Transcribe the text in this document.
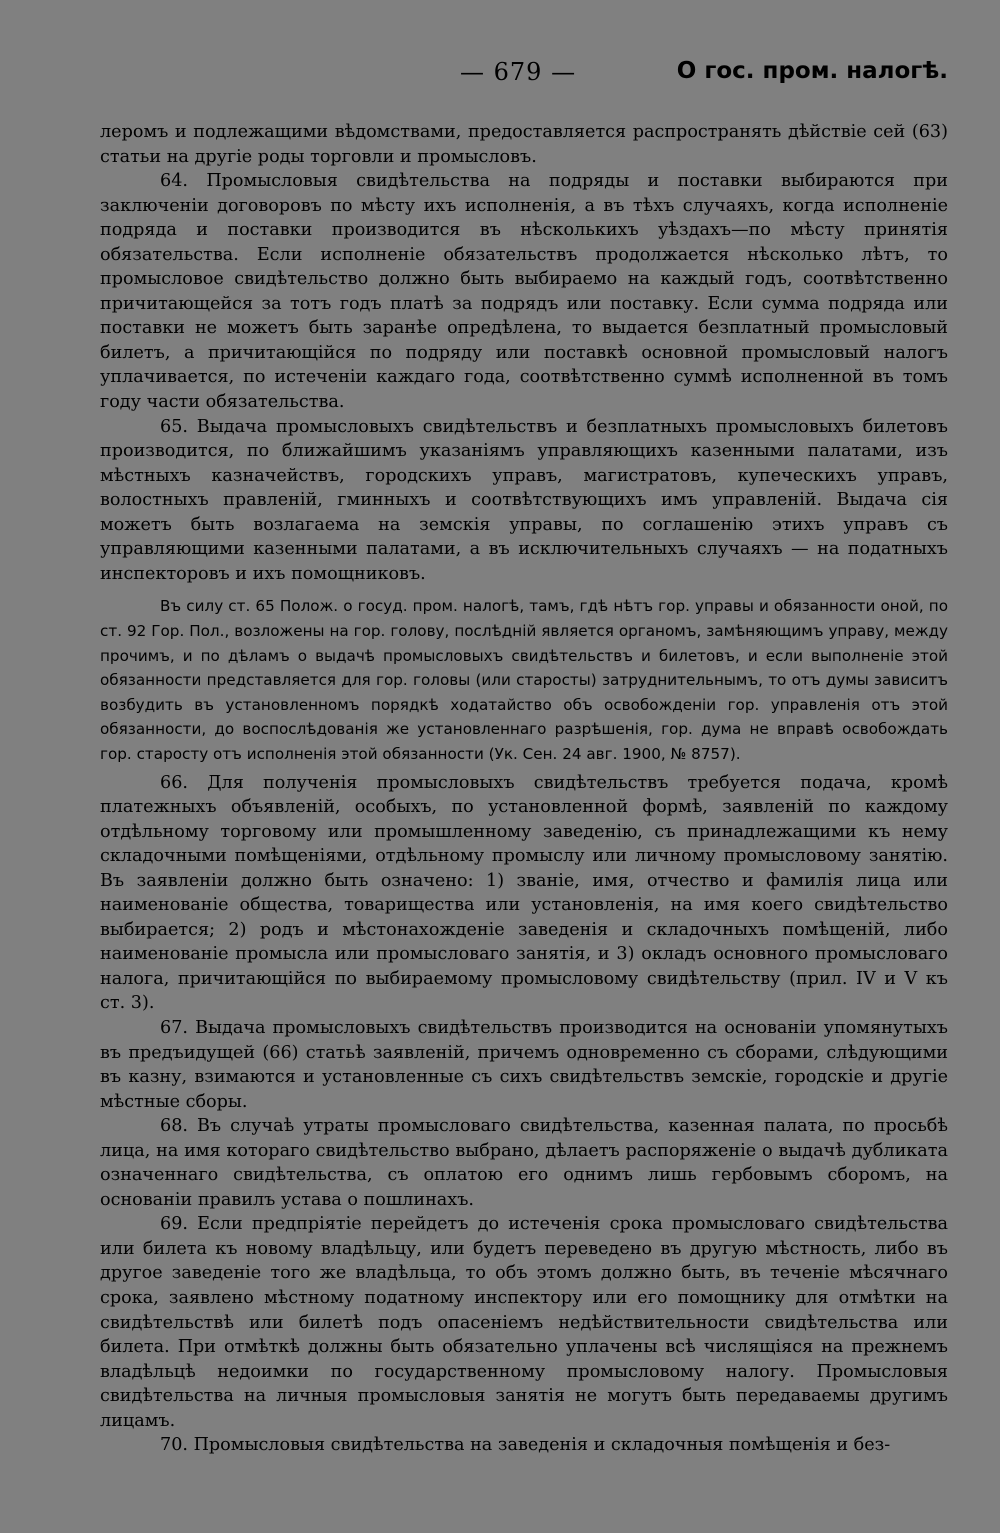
— 679 —	О гос. пром. налогѣ.

леромъ и подлежащими вѣдомствами, предоставляется распространять дѣйствіе сей (63) статьи на другіе роды торговли и промысловъ.

64. Промысловыя свидѣтельства на подряды и поставки выбираются при заключеніи договоровъ по мѣсту ихъ исполненія, а въ тѣхъ случаяхъ, когда исполненіе подряда и поставки производится въ нѣсколькихъ уѣздахъ—по мѣсту принятія обязательства. Если исполненіе обязательствъ продолжается нѣсколько лѣтъ, то промысловое свидѣтельство должно быть выбираемо на каждый годъ, соотвѣтственно причитающейся за тотъ годъ платѣ за подрядъ или поставку. Если сумма подряда или поставки не можетъ быть заранѣе опредѣлена, то выдается безплатный промысловый билетъ, а причитающійся по подряду или поставкѣ основной промысловый налогъ уплачивается, по истеченіи каждаго года, соотвѣтственно суммѣ исполненной въ томъ году части обязательства.

65. Выдача промысловыхъ свидѣтельствъ и безплатныхъ промысловыхъ билетовъ производится, по ближайшимъ указаніямъ управляющихъ казенными палатами, изъ мѣстныхъ казначействъ, городскихъ управъ, магистратовъ, купеческихъ управъ, волостныхъ правленій, гминныхъ и соотвѣтствующихъ имъ управленій. Выдача сія можетъ быть возлагаема на земскія управы, по соглашенію этихъ управъ съ управляющими казенными палатами, а въ исключительныхъ случаяхъ — на податныхъ инспекторовъ и ихъ помощниковъ.

Въ силу ст. 65 Полож. о госуд. пром. налогѣ, тамъ, гдѣ нѣтъ гор. управы и обязанности оной, по ст. 92 Гор. Пол., возложены на гор. голову, послѣдній является органомъ, замѣняющимъ управу, между прочимъ, и по дѣламъ о выдачѣ промысловыхъ свидѣтельствъ и билетовъ, и если выполненіе этой обязанности представляется для гор. головы (или старосты) затруднительнымъ, то отъ думы зависитъ возбудить въ установленномъ порядкѣ ходатайство объ освобожденіи гор. управленія отъ этой обязанности, до воспослѣдованія же установленнаго разрѣшенія, гор. дума не вправѣ освобождать гор. старосту отъ исполненія этой обязанности (Ук. Сен. 24 авг. 1900, № 8757).

66. Для полученія промысловыхъ свидѣтельствъ требуется подача, кромѣ платежныхъ объявленій, особыхъ, по установленной формѣ, заявленій по каждому отдѣльному торговому или промышленному заведенію, съ принадлежащими къ нему складочными помѣщеніями, отдѣльному промыслу или личному промысловому занятію. Въ заявленіи должно быть означено: 1) званіе, имя, отчество и фамилія лица или наименованіе общества, товарищества или установленія, на имя коего свидѣтельство выбирается; 2) родъ и мѣстонахожденіе заведенія и складочныхъ помѣщеній, либо наименованіе промысла или промысловаго занятія, и 3) окладъ основного промысловаго налога, причитающійся по выбираемому промысловому свидѣтельству (прил. IV и V къ ст. 3).

67. Выдача промысловыхъ свидѣтельствъ производится на основаніи упомянутыхъ въ предъидущей (66) статьѣ заявленій, причемъ одновременно съ сборами, слѣдующими въ казну, взимаются и установленные съ сихъ свидѣтельствъ земскіе, городскіе и другіе мѣстные сборы.

68. Въ случаѣ утраты промысловаго свидѣтельства, казенная палата, по просьбѣ лица, на имя котораго свидѣтельство выбрано, дѣлаетъ распоряженіе о выдачѣ дубликата означеннаго свидѣтельства, съ оплатою его однимъ лишь гербовымъ сборомъ, на основаніи правилъ устава о пошлинахъ.

69. Если предпріятіе перейдетъ до истеченія срока промысловаго свидѣтельства или билета къ новому владѣльцу, или будетъ переведено въ другую мѣстность, либо въ другое заведеніе того же владѣльца, то объ этомъ должно быть, въ теченіе мѣсячнаго срока, заявлено мѣстному податному инспектору или его помощнику для отмѣтки на свидѣтельствѣ или билетѣ подъ опасеніемъ недѣйствительности свидѣтельства или билета. При отмѣткѣ должны быть обязательно уплачены всѣ числящіяся на прежнемъ владѣльцѣ недоимки по государственному промысловому налогу. Промысловыя свидѣтельства на личныя промысловыя занятія не могутъ быть передаваемы другимъ лицамъ.

70. Промысловыя свидѣтельства на заведенія и складочныя помѣщенія и без-
